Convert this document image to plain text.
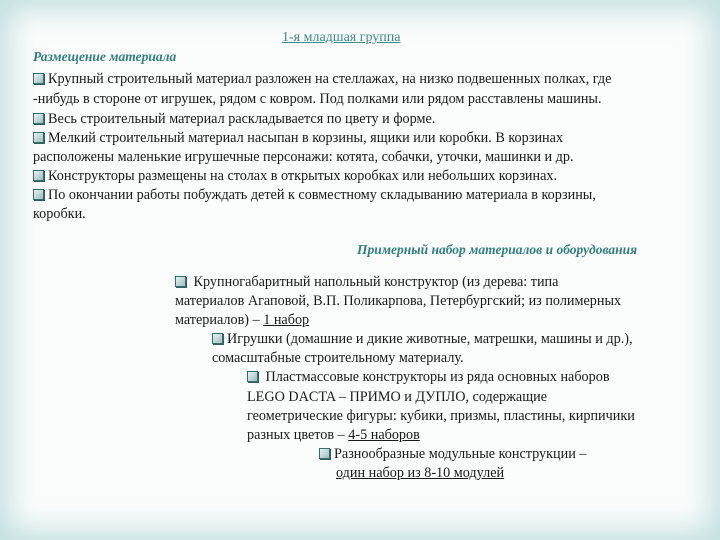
1-я младшая группа
Размещение материала
Крупный строительный материал разложен на стеллажах, на низко подвешенных полках, где
-нибудь в стороне от игрушек, рядом с ковром. Под полками или рядом расставлены машины.
Весь строительный материал раскладывается по цвету и форме.
Мелкий строительный материал насыпан в корзины, ящики или коробки. В корзинах
расположены маленькие игрушечные персонажи: котята, собачки, уточки, машинки и др.
Конструкторы размещены на столах в открытых коробках или небольших корзинах.
По окончании работы побуждать детей к совместному складыванию материала в корзины,
коробки.
Примерный набор материалов и оборудования
Крупногабаритный напольный конструктор (из дерева: типа
материалов Агаповой, В.П. Поликарпова, Петербургский; из полимерных
материалов) – 1 набор
Игрушки (домашние и дикие животные, матрешки, машины и др.),
сомасштабные строительному материалу.
Пластмассовые конструкторы из ряда основных наборов
LEGO DACTA – ПРИМО и ДУПЛО, содержащие
геометрические фигуры: кубики, призмы, пластины, кирпичики
разных цветов – 4-5 наборов
Разнообразные модульные конструкции –
один набор из 8-10 модулей
